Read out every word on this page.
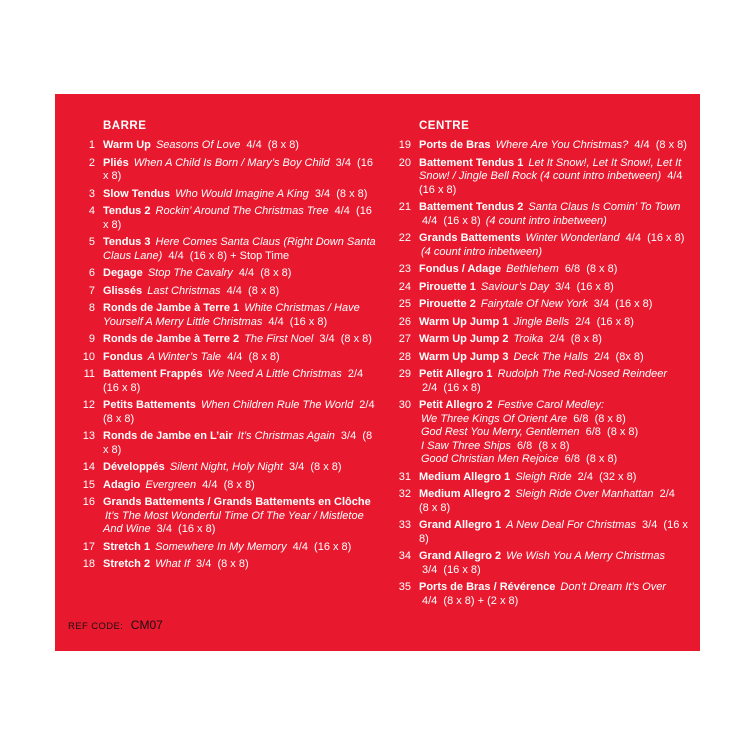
BARRE
1 Warm Up Seasons Of Love 4/4  (8 x 8)
2 Pliés When A Child Is Born / Mary’s Boy Child 3/4  (16 x 8)
3 Slow Tendus Who Would Imagine A King 3/4  (8 x 8)
4 Tendus 2 Rockin’ Around The Christmas Tree 4/4  (16 x 8)
5 Tendus 3 Here Comes Santa Claus (Right Down Santa Claus Lane) 4/4  (16 x 8) + Stop Time
6 Degage Stop The Cavalry 4/4  (8 x 8)
7 Glissés Last Christmas 4/4  (8 x 8)
8 Ronds de Jambe à Terre 1 White Christmas / Have Yourself A Merry Little Christmas 4/4  (16 x 8)
9 Ronds de Jambe à Terre 2 The First Noel 3/4  (8 x 8)
10 Fondus A Winter’s Tale 4/4  (8 x 8)
11 Battement Frappés We Need A Little Christmas 2/4  (16 x 8)
12 Petits Battements When Children Rule The World 2/4  (8 x 8)
13 Ronds de Jambe en L’air It’s Christmas Again 3/4  (8 x 8)
14 Développés Silent Night, Holy Night 3/4  (8 x 8)
15 Adagio Evergreen 4/4  (8 x 8)
16 Grands Battements / Grands Battements en Clôche It’s The Most Wonderful Time Of The Year / Mistletoe And Wine 3/4  (16 x 8)
17 Stretch 1 Somewhere In My Memory 4/4  (16 x 8)
18 Stretch 2 What If 3/4  (8 x 8)
CENTRE
19 Ports de Bras Where Are You Christmas? 4/4  (8 x 8)
20 Battement Tendus 1 Let It Snow!, Let It Snow!, Let It Snow! / Jingle Bell Rock (4 count intro inbetween) 4/4  (16 x 8)
21 Battement Tendus 2 Santa Claus Is Comin’ To Town 4/4  (16 x 8) (4 count intro inbetween)
22 Grands Battements Winter Wonderland 4/4  (16 x 8) (4 count intro inbetween)
23 Fondus / Adage Bethlehem 6/8  (8 x 8)
24 Pirouette 1 Saviour’s Day 3/4  (16 x 8)
25 Pirouette 2 Fairytale Of New York 3/4  (16 x 8)
26 Warm Up Jump 1 Jingle Bells 2/4  (16 x 8)
27 Warm Up Jump 2 Troika 2/4  (8 x 8)
28 Warm Up Jump 3 Deck The Halls 2/4  (8x 8)
29 Petit Allegro 1 Rudolph The Red-Nosed Reindeer 2/4  (16 x 8)
30 Petit Allegro 2 Festive Carol Medley:
We Three Kings Of Orient Are 6/8  (8 x 8)
God Rest You Merry, Gentlemen 6/8  (8 x 8)
I Saw Three Ships 6/8  (8 x 8)
Good Christian Men Rejoice 6/8  (8 x 8)
31 Medium Allegro 1 Sleigh Ride 2/4  (32 x 8)
32 Medium Allegro 2 Sleigh Ride Over Manhattan 2/4  (8 x 8)
33 Grand Allegro 1 A New Deal For Christmas 3/4  (16 x 8)
34 Grand Allegro 2 We Wish You A Merry Christmas 3/4  (16 x 8)
35 Ports de Bras / Révérence Don’t Dream It’s Over 4/4  (8 x 8) + (2 x 8)
REF CODE: CM07
